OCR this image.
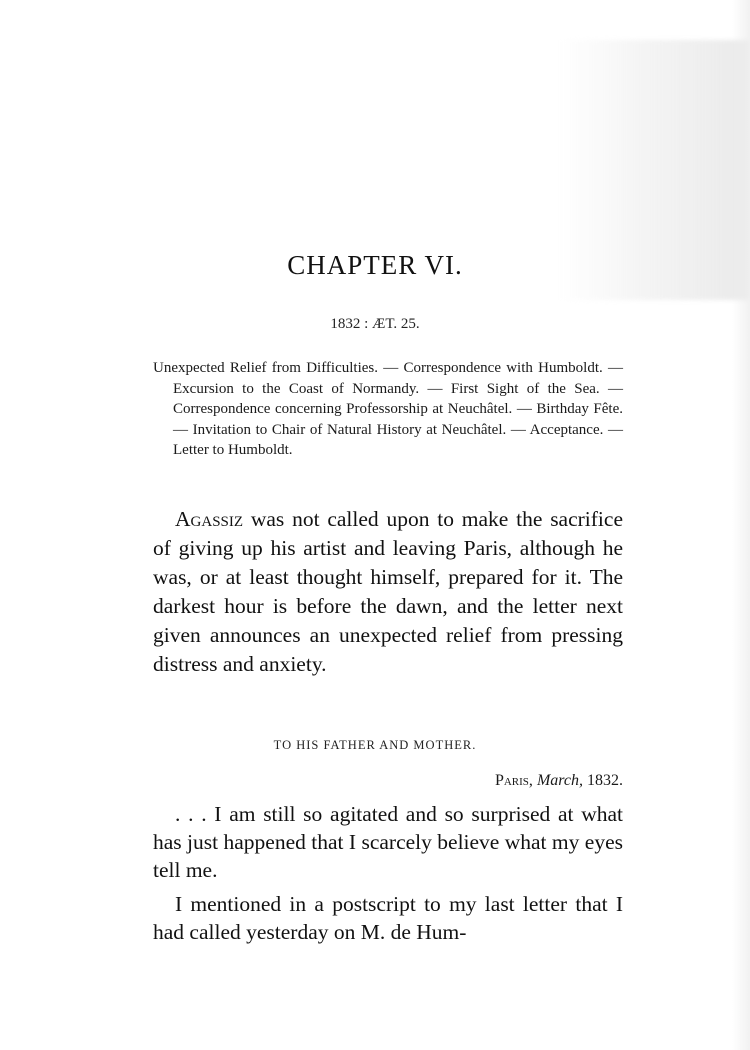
CHAPTER VI.
1832 : ÆT. 25.
Unexpected Relief from Difficulties. — Correspondence with Humboldt. — Excursion to the Coast of Normandy. — First Sight of the Sea. — Correspondence concerning Professorship at Neuchâtel. — Birthday Fête. — Invitation to Chair of Natural History at Neuchâtel. — Acceptance. — Letter to Humboldt.
Agassiz was not called upon to make the sacrifice of giving up his artist and leaving Paris, although he was, or at least thought himself, prepared for it. The darkest hour is before the dawn, and the letter next given announces an unexpected relief from pressing distress and anxiety.
TO HIS FATHER AND MOTHER.
Paris, March, 1832.

. . . I am still so agitated and so surprised at what has just happened that I scarcely believe what my eyes tell me.

I mentioned in a postscript to my last letter that I had called yesterday on M. de Hum-
